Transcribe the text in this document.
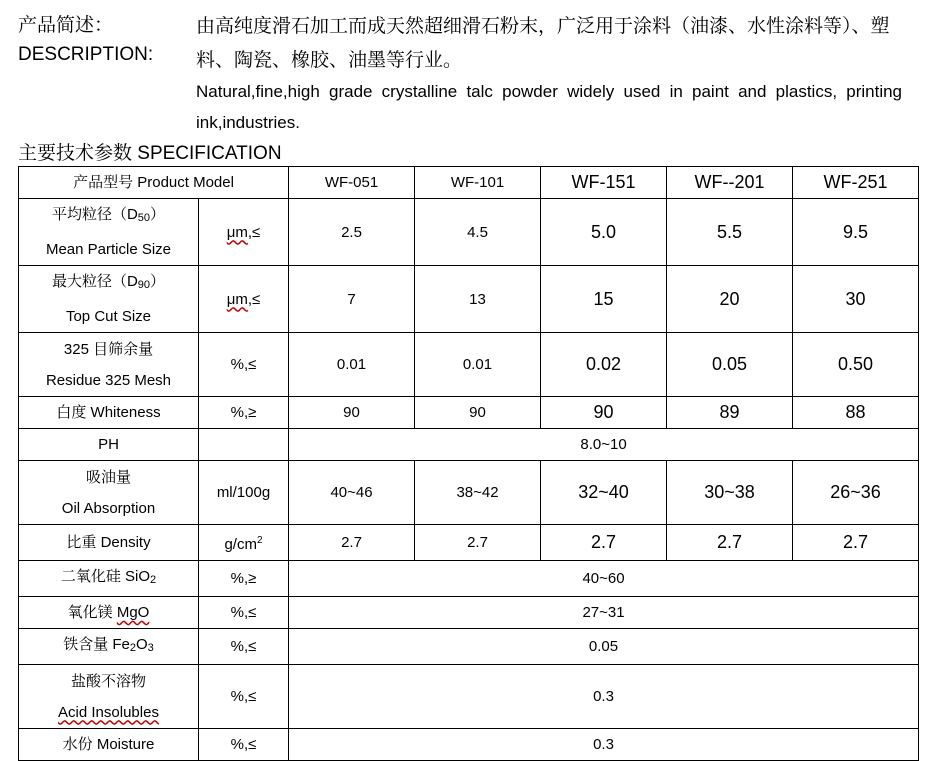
产品简述：
DESCRIPTION:
由高纯度滑石加工而成天然超细滑石粉末，广泛用于涂料（油漆、水性涂料等）、塑料、陶瓷、橡胶、油墨等行业。
Natural,fine,high grade crystalline talc powder widely used in paint and plastics, printing ink,industries.
主要技术参数 SPECIFICATION
产品型号 Product Model		WF-051	WF-101	WF-151	WF--201	WF-251
平均粒径（D50）
Mean Particle Size	μm,≤	2.5	4.5	5.0	5.5	9.5
最大粒径（D90）
Top Cut Size	μm,≤	7	13	15	20	30
325 目筛余量
Residue 325 Mesh	%,≤	0.01	0.01	0.02	0.05	0.50
白度 Whiteness	%,≥	90	90	90	89	88
PH		8.0~10				
吸油量
Oil Absorption	ml/100g	40~46	38~42	32~40	30~38	26~36
比重 Density	$g/cm^2$	2.7	2.7	2.7	2.7	2.7
二氧化硅 SiO2	%,≥	40~60				
氧化镁 MgO	%,≤	27~31				
铁含量 Fe2O3	%,≤	0.05				
盐酸不溶物
Acid Insolubles	%,≤	0.3				
水份 Moisture	%,≤	0.3				
